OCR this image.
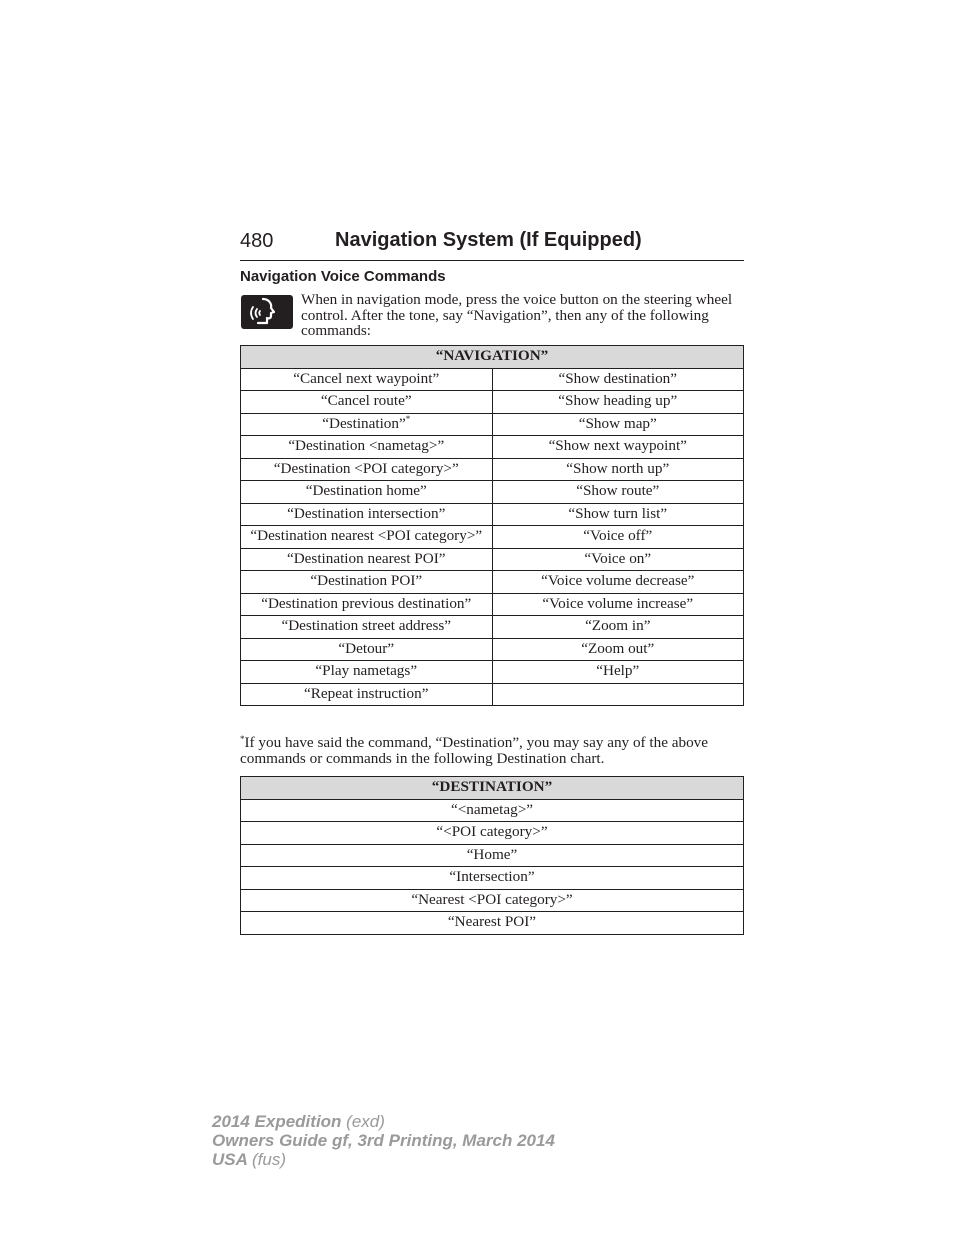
480	Navigation System (If Equipped)
Navigation Voice Commands

When in navigation mode, press the voice button on the steering wheel control. After the tone, say “Navigation”, then any of the following commands:

“NAVIGATION”	
“Cancel next waypoint”	“Show destination”
“Cancel route”	“Show heading up”
“Destination”*	“Show map”
“Destination <nametag>”	“Show next waypoint”
“Destination <POI category>”	“Show north up”
“Destination home”	“Show route”
“Destination intersection”	“Show turn list”
“Destination nearest <POI category>”	“Voice off”
“Destination nearest POI”	“Voice on”
“Destination POI”	“Voice volume decrease”
“Destination previous destination”	“Voice volume increase”
“Destination street address”	“Zoom in”
“Detour”	“Zoom out”
“Play nametags”	“Help”
“Repeat instruction”	

*If you have said the command, “Destination”, you may say any of the above commands or commands in the following Destination chart.

“DESTINATION”
“<nametag>”
“<POI category>”
“Home”
“Intersection”
“Nearest <POI category>”
“Nearest POI”
2014 Expedition (exd)
Owners Guide gf, 3rd Printing, March 2014
USA (fus)
